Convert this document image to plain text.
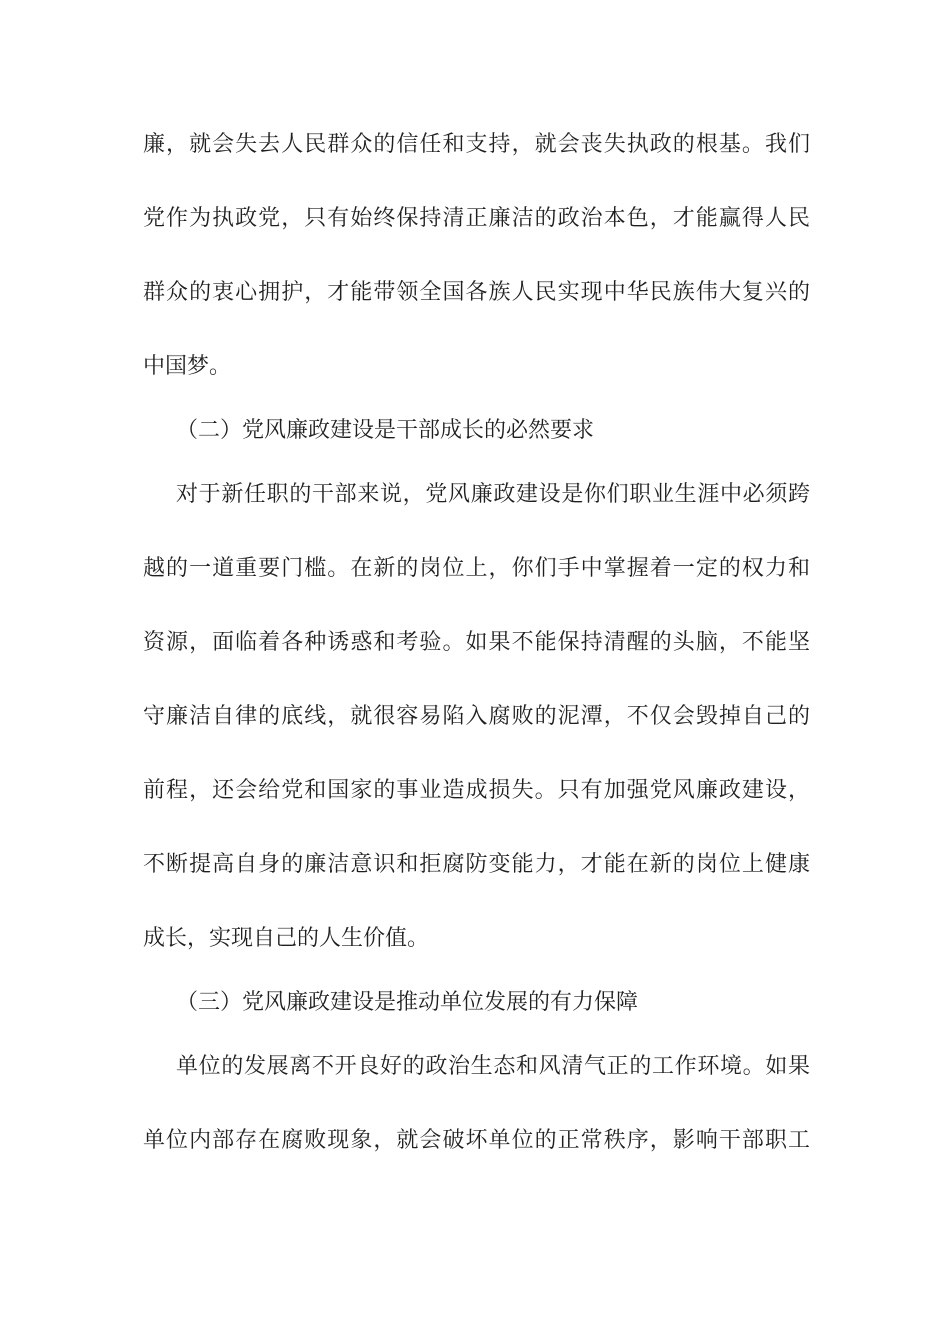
廉，就会失去人民群众的信任和支持，就会丧失执政的根基。我们
党作为执政党，只有始终保持清正廉洁的政治本色，才能赢得人民
群众的衷心拥护，才能带领全国各族人民实现中华民族伟大复兴的
中国梦。
（二）党风廉政建设是干部成长的必然要求
对于新任职的干部来说，党风廉政建设是你们职业生涯中必须跨
越的一道重要门槛。在新的岗位上，你们手中掌握着一定的权力和
资源，面临着各种诱惑和考验。如果不能保持清醒的头脑，不能坚
守廉洁自律的底线，就很容易陷入腐败的泥潭，不仅会毁掉自己的
前程，还会给党和国家的事业造成损失。只有加强党风廉政建设，
不断提高自身的廉洁意识和拒腐防变能力，才能在新的岗位上健康
成长，实现自己的人生价值。
（三）党风廉政建设是推动单位发展的有力保障
单位的发展离不开良好的政治生态和风清气正的工作环境。如果
单位内部存在腐败现象，就会破坏单位的正常秩序，影响干部职工
